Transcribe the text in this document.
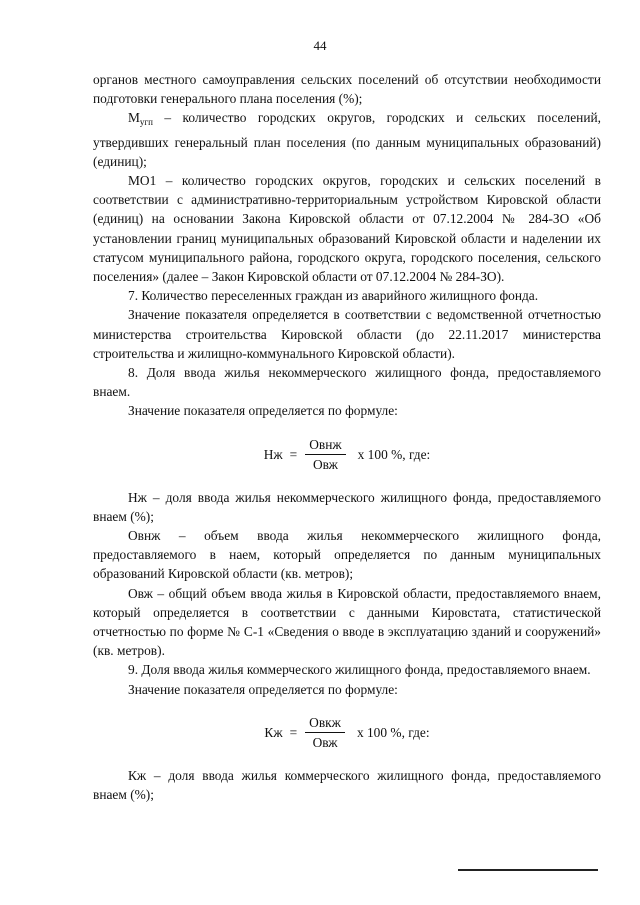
44

органов местного самоуправления сельских поселений об отсутствии необходимости подготовки генерального плана поселения (%);

$М_{угп}$ – количество городских округов, городских и сельских поселений, утвердивших генеральный план поселения (по данным муниципальных образований) (единиц);

МО1 – количество городских округов, городских и сельских поселений в соответствии с административно-территориальным устройством Кировской области (единиц) на основании Закона Кировской области от 07.12.2004 № 284-ЗО «Об установлении границ муниципальных образований Кировской области и наделении их статусом муниципального района, городского округа, городского поселения, сельского поселения» (далее – Закон Кировской области от 07.12.2004 № 284-ЗО).

7. Количество переселенных граждан из аварийного жилищного фонда.

Значение показателя определяется в соответствии с ведомственной отчетностью министерства строительства Кировской области (до 22.11.2017 министерства строительства и жилищно-коммунального Кировской области).

8. Доля ввода жилья некоммерческого жилищного фонда, предоставляемого внаем.

Значение показателя определяется по формуле:

Нж = $\frac{\text{Овнж}}{\text{Овж}}$ х 100 %, где:

Нж – доля ввода жилья некоммерческого жилищного фонда, предоставляемого внаем (%);

Овнж – объем ввода жилья некоммерческого жилищного фонда, предоставляемого в наем, который определяется по данным муниципальных образований Кировской области (кв. метров);

Овж – общий объем ввода жилья в Кировской области, предоставляемого внаем, который определяется в соответствии с данными Кировстата, статистической отчетностью по форме № С-1 «Сведения о вводе в эксплуатацию зданий и сооружений» (кв. метров).

9. Доля ввода жилья коммерческого жилищного фонда, предоставляемого внаем.

Значение показателя определяется по формуле:

Кж = $\frac{\text{Овкж}}{\text{Овж}}$ х 100 %, где:

Кж – доля ввода жилья коммерческого жилищного фонда, предоставляемого внаем (%);
